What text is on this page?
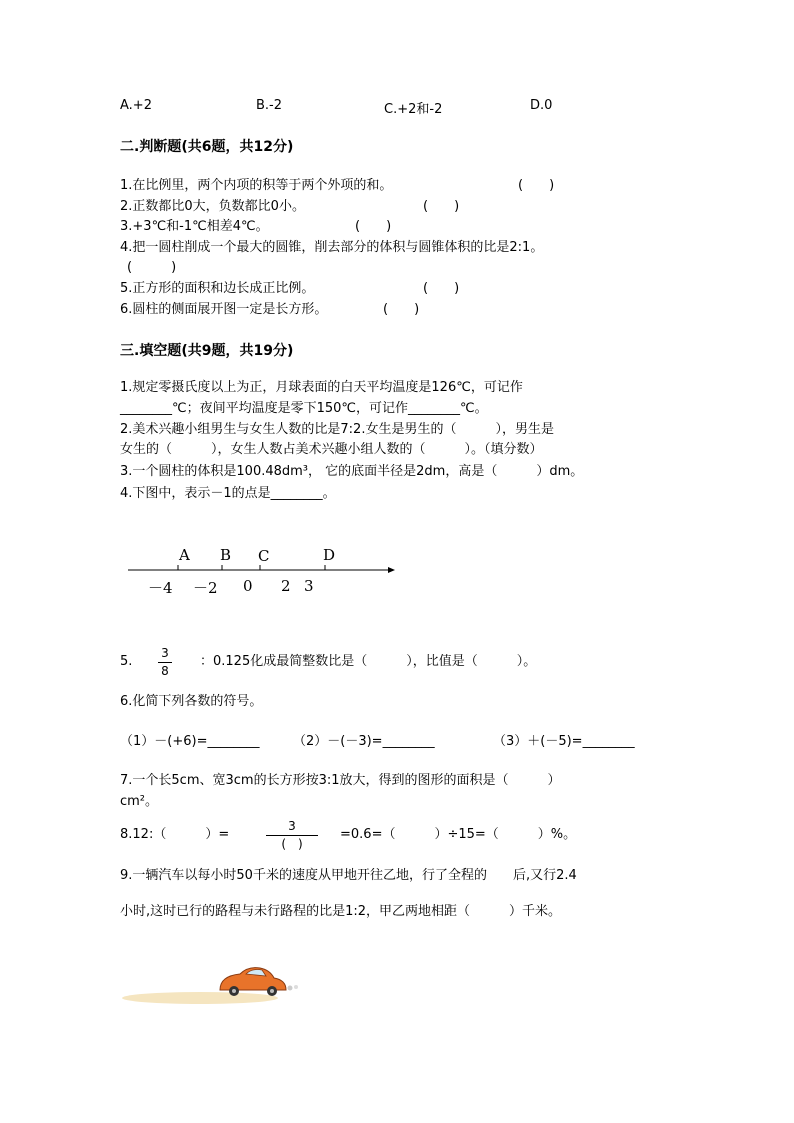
A.+2	B.-2	C.+2和-2	D.0
二.判断题(共6题，共12分)
1.在比例里，两个内项的积等于两个外项的和。	(　　)
2.正数都比0大，负数都比0小。	(　　)
3.+3℃和-1℃相差4℃。	(　　)
4.把一圆柱削成一个最大的圆锥，削去部分的体积与圆锥体积的比是2:1。
(　　　)
5.正方形的面积和边长成正比例。	(　　)
6.圆柱的侧面展开图一定是长方形。	(　　)
三.填空题(共9题，共19分)
1.规定零摄氏度以上为正，月球表面的白天平均温度是126℃，可记作
________℃；夜间平均温度是零下150℃，可记作________℃。
2.美术兴趣小组男生与女生人数的比是7:2.女生是男生的（　　　），男生是
女生的（　　　），女生人数占美术兴趣小组人数的（　　　）。（填分数）
3.一个圆柱的体积是100.48dm³， 它的底面半径是2dm，高是（　　　）dm。
4.下图中，表示－1的点是________。
A B C	D
－4 －2 0 2 3
5.
3
8
：0.125化成最简整数比是（　　　），比值是（　　　）。
6.化简下列各数的符号。
（1）－(+6)=________	（2）－(－3)=________	（3）＋(－5)=________
7.一个长5cm、宽3cm的长方形按3:1放大，得到的图形的面积是（　　　）
cm²。
8.12:（　　　）=
3
(　)
=0.6=（　　　）÷15=（　　　）%。
9.一辆汽车以每小时50千米的速度从甲地开往乙地，行了全程的　　后,又行2.4
小时,这时已行的路程与未行路程的比是1:2，甲乙两地相距（　　　）千米。
